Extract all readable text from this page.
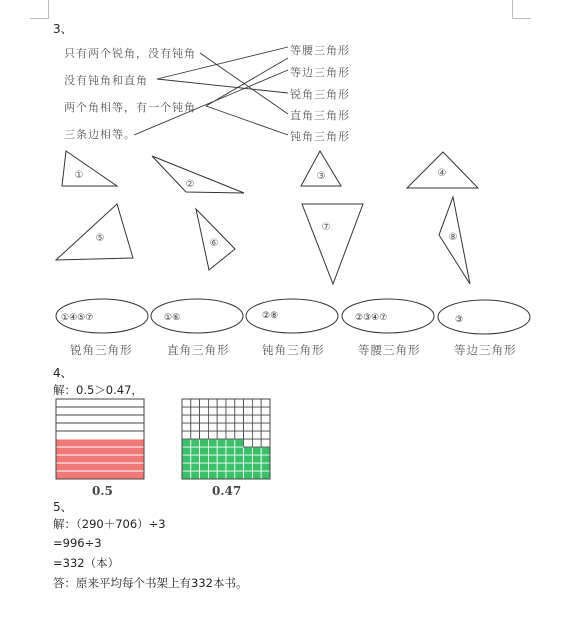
3、
只有两个锐角，没有钝角
没有钝角和直角
两个角相等，有一个钝角
三条边相等。
等腰三角形
等边三角形
锐角三角形
直角三角形
钝角三角形
①
②
③	④
⑤	⑥
⑦
⑧
①④⑤⑦	①⑥	②⑧	②③④⑦	③
锐角三角形	直角三角形	钝角三角形	等腰三角形	等边三角形
4、
解：0.5＞0.47，
0.5	0.47
5、
解：（290＋706）÷3
=996÷3
=332（本）
答：原来平均每个书架上有332本书。
